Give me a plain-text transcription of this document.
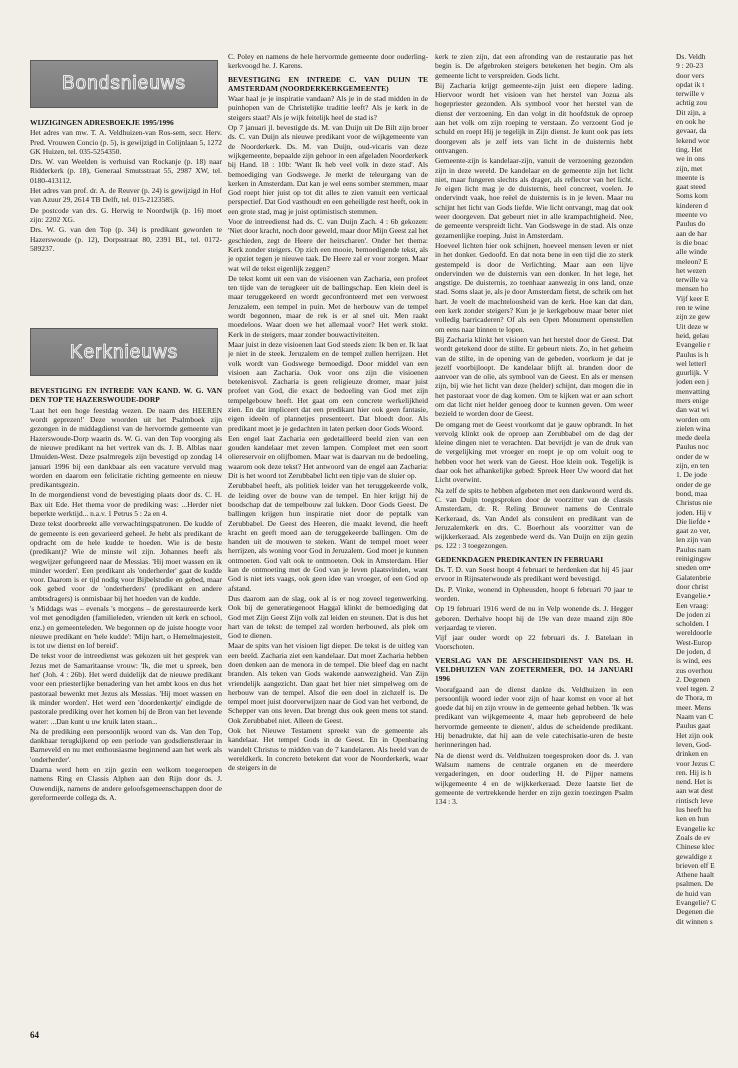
Bondsnieuws

WIJZIGINGEN ADRESBOEKJE 1995/1996

Het adres van mw. T. A. Veldhuizen-van Ros-sem, secr. Herv. Pred. Vrouwen Concio (p. 5), is gewijzigd in Colijnlaan 5, 1272 GK Huizen, tel. 035-5254350.

Drs. W. van Weelden is verhuisd van Rockanje (p. 18) naar Ridderkerk (p. 18), Generaal Smutsstraat 55, 2987 XW, tel. 0180-413112.

Het adres van prof. dr. A. de Reuver (p. 24) is gewijzigd in Hof van Azuur 29, 2614 TB Delft, tel. 015-2123585.

De postcode van drs. G. Herwig te Noordwijk (p. 16) moet zijn: 2202 XG.

Drs. W. G. van den Top (p. 34) is predikant geworden te Hazerswoude (p. 12), Dorpsstraat 80, 2391 BL, tel. 0172-589237.

Kerknieuws

BEVESTIGING EN INTREDE VAN KAND. W. G. VAN DEN TOP TE HAZERSWOUDE-DORP

'Laat het een hoge feestdag wezen. De naam des HEEREN wordt geprezen!' Deze woorden uit het Psalmboek zijn gezongen in de middagdienst van de hervormde gemeente van Hazerswoude-Dorp waarin ds. W. G. van den Top voorging als de nieuwe predikant na het vertrek van ds. J. B. Alblas naar IJmuiden-West. Deze psalmregels zijn bevestigd op zondag 14 januari 1996 bij een dankbaar als een vacature vervuld mag worden en daarom een felicitatie richting gemeente en nieuw predikantsgezin.

In de morgendienst vond de bevestiging plaats door ds. C. H. Bax uit Ede. Het thema voor de prediking was: ...Herder niet beperkte werktijd... n.a.v. 1 Petrus 5 : 2a en 4.

Deze tekst doorbreekt alle verwachtingspatronen. De kudde of de gemeente is een gevarieerd geheel. Je hebt als predikant de opdracht om de hele kudde te hoeden. Wie is de beste (predikant)? Wie de minste wil zijn. Johannes heeft als wegwijzer gefungeerd naar de Messias. 'Hij moet wassen en ik minder worden'. Een predikant als 'onderherder' gaat de kudde voor. Daarom is er tijd nodig voor Bijbelstudie en gebed, maar ook gebed voor de 'onderherders' (predikant en andere ambtsdragers) is onmisbaar bij het hoeden van de kudde.

's Middags was – evenals 's morgens – de gerestaureerde kerk vol met genodigden (familieleden, vrienden uit kerk en school, enz.) en gemeenteleden. We begonnen op de juiste hoogte voor nieuwe predikant en 'hele kudde': 'Mijn hart, o Hemelmajesteit, is tot uw dienst en lof bereid'.

De tekst voor de intreedienst was gekozen uit het gesprek van Jezus met de Samaritaanse vrouw: 'Ik, die met u spreek, ben het' (Joh. 4 : 26b). Het werd duidelijk dat de nieuwe predikant voor een priesterlijke benadering van het ambt koos en dus het pastoraal bewenkt met Jezus als Messias. 'Hij moet wassen en ik minder worden'. Het werd een 'doordenkertje' eindigde de pastorale prediking over het komen bij de Bron van het levende water: ...Dan kunt u uw kruik laten staan...

Na de prediking een persoonlijk woord van ds. Van den Top, dankbaar terugkijkend op een periode van godsdienstleraar in Barneveld en nu met enthousiasme beginnend aan het werk als 'onderherder'.

Daarna werd hem en zijn gezin een welkom toegeroepen namens Ring en Classis Alphen aan den Rijn door ds. J. Ouwendijk, namens de andere geloofsgemeenschappen door de gereformeerde collega ds. A.

C. Poley en namens de hele hervormde gemeente door ouderling-kerkvoogd he. J. Karens.

BEVESTIGING EN INTREDE C. VAN DUIJN TE AMSTERDAM (NOORDERKERKGEMEENTE)

Waar haal je je inspiratie vandaan? Als je in de stad midden in de puinhopen van de Christelijke traditie leeft? Als je kerk in de steigers staat? Als je wijk feitelijk heel de stad is?

Op 7 januari jl. bevestigde ds. M. van Duijn uit De Bilt zijn broer ds. C. van Duijn als nieuwe predikant voor de wijkgemeente van de Noorderkerk. Ds. M. van Duijn, oud-vicaris van deze wijkgemeente, bepaalde zijn gehoor in een afgeladen Noorderkerk bij Hand. 18 : 10b: 'Want Ik heb veel volk in deze stad'. Als bemoediging van Godswege. Je merkt de teleurgang van de kerken in Amsterdam. Dat kan je wel eens somber stemmen, maar God roept hier juist op tot dit alles te zien vanuit een verticaal perspectief. Dat God vasthoudt en een geheiligde rest heeft, ook in een grote stad, mag je juist optimistisch stemmen.

Voor de intreedienst had ds. C. van Duijn Zach. 4 : 6b gekozen: 'Niet door kracht, noch door geweld, maar door Mijn Geest zal het geschieden, zegt de Heere der heirscharen'. Onder het thema: Kerk zonder steigers. Op zich een mooie, bemoedigende tekst, als je opziet tegen je nieuwe taak. De Heere zal er voor zorgen. Maar wat wil de tekst eigenlijk zeggen?

De tekst komt uit een van de visioenen van Zacharia, een profeet ten tijde van de terugkeer uit de ballingschap. Een klein deel is maar teruggekeerd en wordt geconfronteerd met een verwoest Jeruzalem, een tempel in puin. Met de herbouw van de tempel wordt begonnen, maar de rek is er al snel uit. Men raakt moedeloos. Waar doen we het allemaal voor? Het werk stokt. Kerk in de steigers, maar zonder bouwactiviteiten.

Maar juist in deze visioenen laat God steeds zien: Ik ben er. Ik laat je niet in de steek. Jeruzalem en de tempel zullen herrijzen. Het volk wordt van Godswege bemoedigd. Door middel van een visioen aan Zacharia. Ook voor ons zijn die visioenen betekenisvol. Zacharia is geen religieuze dromer, maar juist profeet van God, die exact de bedoeling van God met zijn tempelgebouw heeft. Het gaat om een concrete werkelijkheid zien. En dat impliceert dat een predikant hier ook geen fantasie, eigen ideeën of plannetjes presenteert. Dat bloedt door. Als predikant moet je je gedachten in laten perken door Gods Woord.

Een engel laat Zacharia een gedetailleerd beeld zien van een gouden kandelaar met zeven lampen. Compleet met een soort oliereservoir en olijfbomen. Maar wat is daarvan nu de bedoeling, waarom ook deze tekst? Het antwoord van de engel aan Zacharia: Dit is het woord tot Zerubbabel licht een tipje van de sluier op.

Zerubbabel heeft, als politiek leider van het teruggekeerde volk, de leiding over de bouw van de tempel. En hier krijgt hij de boodschap dat de tempelbouw zal lukken. Door Gods Geest. De ballingen krijgen hun inspiratie niet door de peptalk van Zerubbabel. De Geest des Heeren, die maakt levend, die heeft kracht en geeft moed aan de teruggekeerde ballingen. Om de handen uit de mouwen te steken. Want de tempel moet weer herrijzen, als woning voor God in Jeruzalem. God moet je kunnen ontmoeten. God valt ook te ontmoeten. Ook in Amsterdam. Hier kan de ontmoeting met de God van je leven plaatsvinden, want God is niet iets vaags, ook geen idee van vroeger, of een God op afstand.

Dus daarom aan de slag, ook al is er nog zoveel tegenwerking. Ook bij de generatiegenoot Haggaï klinkt de bemoediging dat God met Zijn Geest Zijn volk zal leiden en steunen. Dat is dus het hart van de tekst: de tempel zal worden herbouwd, als plek om God te dienen.

Maar de spits van het visioen ligt dieper. De tekst is de uitleg van een beeld. Zacharia ziet een kandelaar. Dat moet Zacharia hebben doen denken aan de menora in de tempel. Die bleef dag en nacht branden. Als teken van Gods wakende aanwezigheid. Van Zijn vriendelijk aangezicht. Dan gaat het hier niet simpelweg om de herbouw van de tempel. Alsof die een doel in zichzelf is. De tempel moet juist doorverwijzen naar de God van het verbond, de Schepper van ons leven. Dat brengt dus ook geen mens tot stand. Ook Zerubbabel niet. Alleen de Geest.

Ook het Nieuwe Testament spreekt van de gemeente als kandelaar. Het tempel Gods in de Geest. En in Openbaring wandelt Christus te midden van de 7 kandelaren. Als heeld van de wereldkerk. In concreto betekent dat voor de Noorderkerk, waar de steigers in de

kerk te zien zijn, dat een afronding van de restauratie pas het begin is. De afgebroken steigers betekenen het begin. Om als gemeente licht te verspreiden. Gods licht.

Bij Zacharia krijgt gemeente-zijn juist een diepere lading. Hiervoor wordt het visioen van het herstel van Jozua als hogepriester gezonden. Als symbool voor het herstel van de dienst der verzoening. En dan volgt in dit hoofdstuk de oproep aan het volk om zijn roeping te verstaan. Zo verzoent God je schuld en roept Hij je tegelijk in Zijn dienst. Je kunt ook pas iets doorgeven als je zelf iets van licht in de duisternis hebt ontvangen.

Gemeente-zijn is kandelaar-zijn, vanuit de verzoening gezonden zijn in deze wereld. De kandelaar en de gemeente zijn het licht niet, maar fungeren slechts als drager, als reflector van het licht. Je eigen licht mag je de duisternis, heel concreet, voelen. Je ondervindt vaak, hoe reëel de duisternis is in je leven. Maar nu schijnt het licht van Gods liefde. Wie licht ontvangt, mag dat ook weer doorgeven. Dat gebeurt niet in alle krampachtigheid. Nee, de gemeente verspreidt licht. Van Godswege in de stad. Als onze gezamenlijke roeping. Juist in Amsterdam.

Hoeveel lichten hier ook schijnen, hoeveel mensen leven er niet in het donker. Gedoofd. En dat nota bene in een tijd die zo sterk gestempeld is door de Verlichting. Maar aan een lijve ondervinden we de duisternis van een donker. In het lege, het angstige. De duisternis, zo toenhaar aanwezig in ons land, onze stad. Soms slaat je, als je door Amsterdam fietst, de schrik om het hart. Je voelt de machteloosheid van de kerk. Hoe kan dat dan, een kerk zonder steigers? Kun je je kerkgebouw maar beter niet volledig barricaderen? Of als een Open Monument openstellen om eens naar binnen te lopen.

Bij Zacharia klinkt het visioen van het herstel door de Geest. Dat wordt getekend door de stilte. Er gebeurt niets. Zo, in het geheim van de stilte, in de opening van de gebeden, voorkom je dat je jezelf voorbijloopt. De kandelaar blijft al. branden door de aanvoer van de olie, als symbool van de Geest. En als er mensen zijn, bij wie het licht van deze (helder) schijnt, dan mogen die in het pastoraat voor de dag komen. Om te kijken wat er aan schort om dat licht niet helder genoeg door te kunnen geven. Om weer bezield te worden door de Geest.

De omgang met de Geest voorkomt dat je gauw opbrandt. In het vervolg klinkt ook de oproep aan Zerubbabel om de dag der kleine dingen niet te verachten. Dat bevrijdt je van de druk van de vergelijking met vroeger en roept je op om voluit oog te hebben voor het werk van de Geest. Hoe klein ook. Tegelijk is daar ook het afhankelijke gebed: Spreek Heer Uw woord dat het Licht overwint.

Na zelf de spits te hebben afgebeten met een dankwoord werd ds. C. van Duijn toegesproken door de voorzitter van de classis Amsterdam, dr. R. Reling Brouwer namens de Centrale Kerkeraad, ds. Van Andel als consulent en predikant van de Jeruzalemkerk en drs. C. Boerhout als voorzitter van de wijkkerkeraad. Als zegenbede werd ds. Van Duijn en zijn gezin ps. 122 : 3 toegezongen.

GEDENKDAGEN PREDIKANTEN IN FEBRUARI

Ds. T. D. van Soest hoopt 4 februari te herdenken dat hij 45 jaar ervoor in Rijnsaterwoude als predikant werd bevestigd.

Ds. P. Vinke, wonend in Opheusden, hoopt 6 februari 70 jaar te worden.

Op 19 februari 1916 werd de nu in Velp wonende ds. J. Hegger geboren. Derhalve hoopt hij de 19e van deze maand zijn 80e verjaardag te vieren.

Vijf jaar ouder wordt op 22 februari ds. J. Batelaan in Voorschoten.

VERSLAG VAN DE AFSCHEIDSDIENST VAN DS. H. VELDHUIZEN VAN ZOETERMEER, DO. 14 JANUARI 1996

Voorafgaand aan de dienst dankte ds. Veldhuizen in een persoonlijk woord ieder voor zijn of haar komst en voor al het goede dat hij en zijn vrouw in de gemeente gehad hebben. 'Ik was predikant van wijkgemeente 4, maar heb geprobeerd de hele hervormde gemeente te dienen', aldus de scheidende predikant. Hij benadrukte, dat hij aan de vele catechisatie-uren de beste herinneringen had.

Na de dienst werd ds. Veldhuizen toegesproken door ds. J. van Walsum namens de centrale organen en de meerdere vergaderingen, en door ouderling H. de Pijper namens wijkgemeente 4 en de wijkkerkeraad. Deze laatste liet de gemeente de vertrekkende herder en zijn gezin toezingen Psalm 134 : 3.

Ds. Veldh
9 : 20-23
door vers
opdat ik t
terwille v
achtig zou
Dit zijn, a
en ook he
gevaar, da
lekend wor
ting. Het
we in ons
zijn, met
meente is
gaat steed
Soms kom
kinderen d
meente vo
Paulus do
aan de har
is die boac
alle winde
meleon? E
het wezen
terwille va
mensen ho
Vijf keer E
ren te wine
zijn ze gew
Uit deze w
heid, gelau
Evangelie r
Paulus is h
wel letterl
guurlijk. V
joden een j
menvatting
mers enige
dan wat wi
worden om
zielen wina
mede deela
Paulus noc
onder de w
zijn, en ten
1. De jode
onder de ge
bond, maa
Christus nie
joden. Hij v
Die liefde •
gaat zo ver,
len zijn van
Paulus nam
reinigingsw
sneden om•
Galatenbrie
door christ
Evangelie.•
Een vraag:
De joden zi
scholden. I
wereldoorle
West-Europ
De joden, d
is wind, ees
zus overhou
2. Degenen
veel tegen. 2
de Thora, m
meer. Mens
Naam van C
Paulus gaat
Het zijn ook
leven, God-
drinken en
voor Jezus C
ren. Hij is h
nend. Het is
aan wat dest
rintisch leve
lus heeft hu
ken en hun
Evangelie kc
Zoals de ev
Chinese klec
gewaldige z
brieven elf E
Athene haalt
psalmen. De
de huid van
Evangelie? C
Degenen die
dit winnen s
64
